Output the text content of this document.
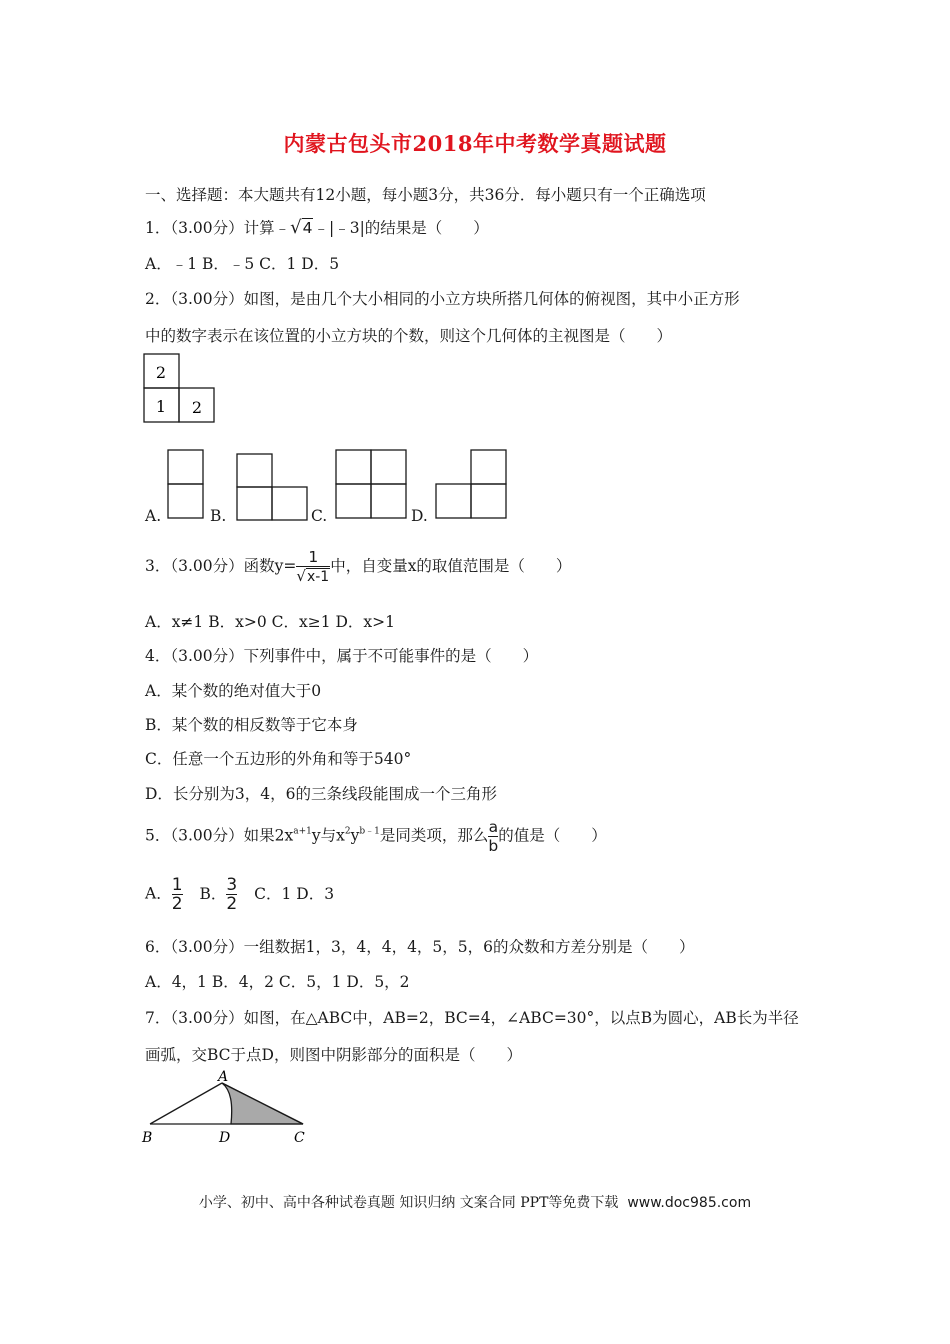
内蒙古包头市2018年中考数学真题试题
一、选择题：本大题共有12小题，每小题3分，共36分．每小题只有一个正确选项
1．（3.00分）计算﹣√4﹣|﹣3|的结果是（　　）
A．﹣1 B．﹣5 C．1 D．5
2．（3.00分）如图，是由几个大小相同的小立方块所搭几何体的俯视图，其中小正方形
中的数字表示在该位置的小立方块的个数，则这个几何体的主视图是（　　）
2
1 2
A.	B.	C.	D.
3．（3.00分）函数$y= \frac{1}{√x-1}$ 中，自变量x的取值范围是（　　）
A．x≠1 B．x>0 C．x≥1 D．x>1
4．（3.00分）下列事件中，属于不可能事件的是（　　）
A．某个数的绝对值大于0
B．某个数的相反数等于它本身
C．任意一个五边形的外角和等于540°
D．长分别为3，4，6的三条线段能围成一个三角形
5．（3.00分）如果$2x^{a+1}y$与$x^2y^{b﹣1}$是同类项，那么 $\frac{a}{b}$ 的值是（　　）
A． $\frac{1}{2}$ B． $\frac{3}{2}$ C．1 D．3
6．（3.00分）一组数据1，3，4，4，4，5，5，6的众数和方差分别是（　　）
A．4，1 B．4，2 C．5，1 D．5，2
7．（3.00分）如图，在△ABC中，AB=2，BC=4，∠ABC=30°，以点B为圆心，AB长为半径
画弧，交BC于点D，则图中阴影部分的面积是（　　）
A
B	D	C
小学、初中、高中各种试卷真题 知识归纳 文案合同 PPT等免费下载 www.doc985.com
